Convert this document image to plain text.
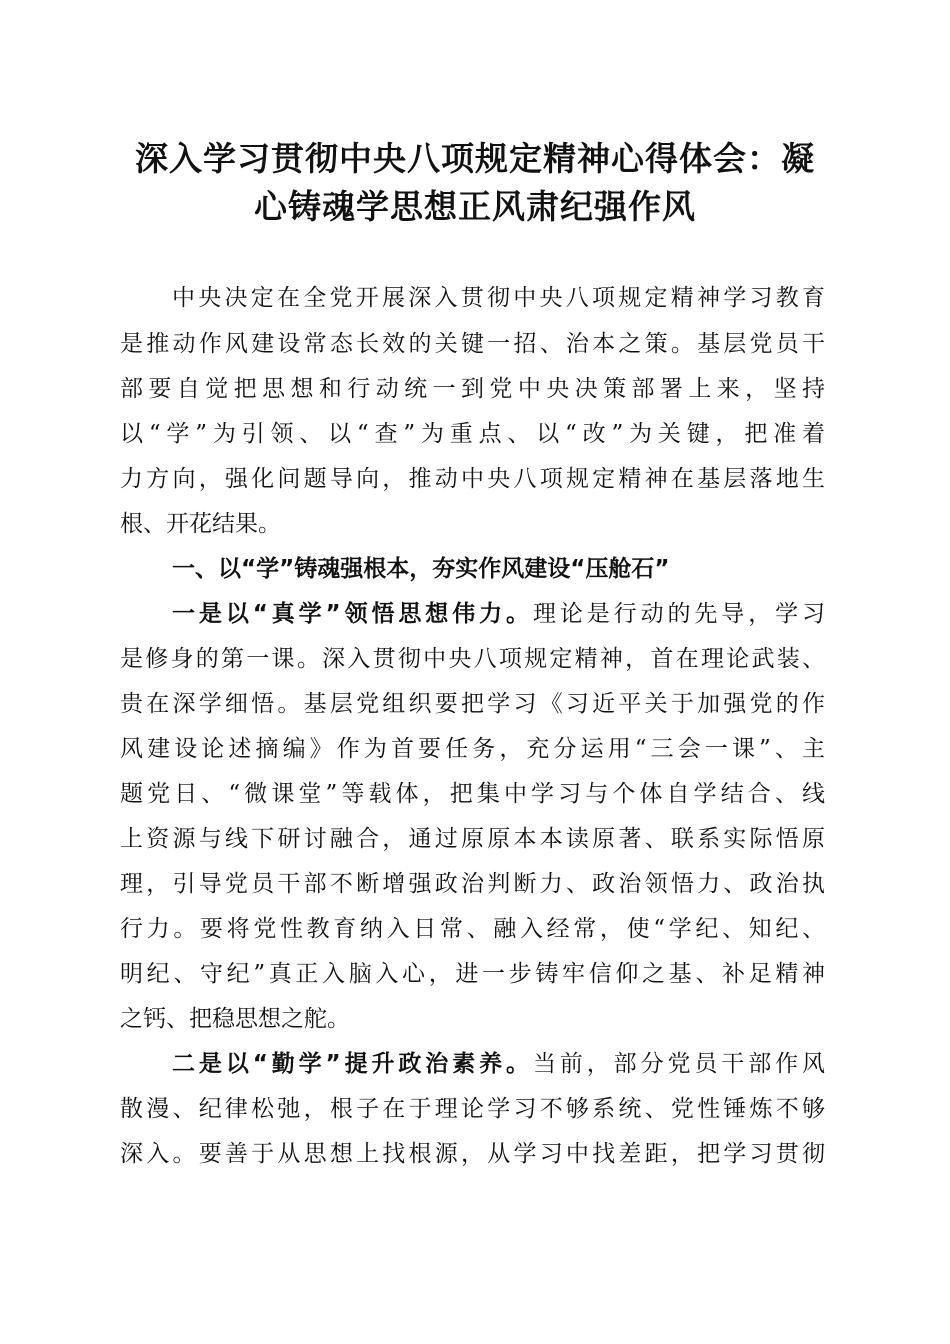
深入学习贯彻中央八项规定精神心得体会：凝
心铸魂学思想正风肃纪强作风
中央决定在全党开展深入贯彻中央八项规定精神学习教育
是推动作风建设常态长效的关键一招、治本之策。基层党员干
部要自觉把思想和行动统一到党中央决策部署上来，坚持
以“学”为引领、以“查”为重点、以“改”为关键，把准着
力方向，强化问题导向，推动中央八项规定精神在基层落地生
根、开花结果。
一、以“学”铸魂强根本，夯实作风建设“压舱石”
一是以“真学”领悟思想伟力。理论是行动的先导，学习
是修身的第一课。深入贯彻中央八项规定精神，首在理论武装、
贵在深学细悟。基层党组织要把学习《习近平关于加强党的作
风建设论述摘编》作为首要任务，充分运用“三会一课”、主
题党日、“微课堂”等载体，把集中学习与个体自学结合、线
上资源与线下研讨融合，通过原原本本读原著、联系实际悟原
理，引导党员干部不断增强政治判断力、政治领悟力、政治执
行力。要将党性教育纳入日常、融入经常，使“学纪、知纪、
明纪、守纪”真正入脑入心，进一步铸牢信仰之基、补足精神
之钙、把稳思想之舵。
二是以“勤学”提升政治素养。当前，部分党员干部作风
散漫、纪律松弛，根子在于理论学习不够系统、党性锤炼不够
深入。要善于从思想上找根源，从学习中找差距，把学习贯彻
